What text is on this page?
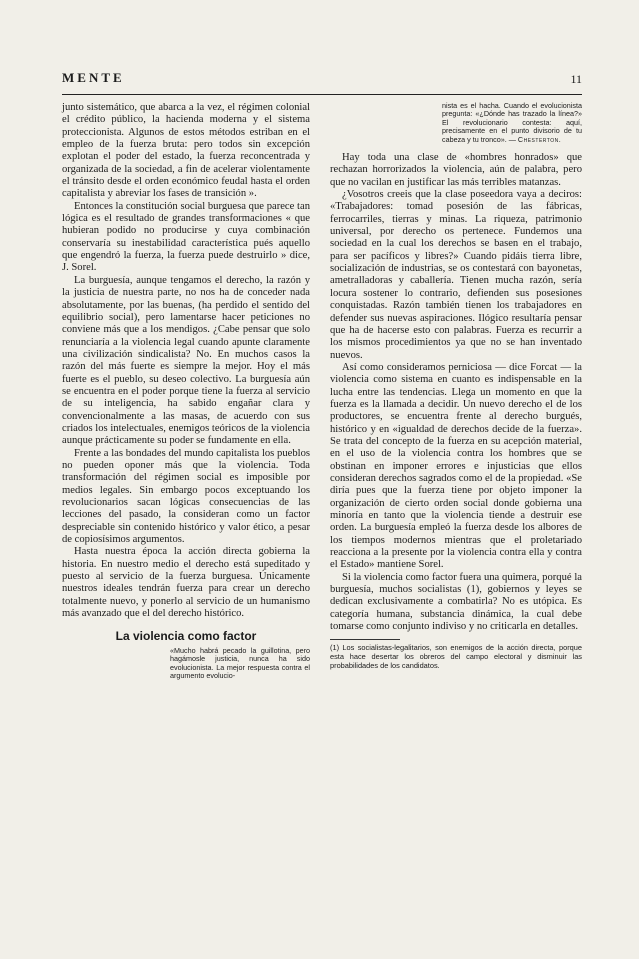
MENTE	11

junto sistemático, que abarca a la vez, el régimen colonial el crédito público, la hacienda moderna y el sistema proteccionista. Algunos de estos métodos estriban en el empleo de la fuerza bruta: pero todos sin excepción explotan el poder del estado, la fuerza reconcentrada y organizada de la sociedad, a fin de acelerar violentamente el tránsito desde el orden económico feudal hasta el orden capitalista y abreviar los fases de transición ».

Entonces la constitución social burguesa que parece tan lógica es el resultado de grandes transformaciones « que hubieran podido no producirse y cuya combinación conservaría su inestabilidad característica pués aquello que engendró la fuerza, la fuerza puede destruirlo » dice, J. Sorel.

La burguesía, aunque tengamos el derecho, la razón y la justicia de nuestra parte, no nos ha de conceder nada absolutamente, por las buenas, (ha perdido el sentido del equilibrio social), pero lamentarse hacer peticiones no conviene más que a los mendigos. ¿Cabe pensar que solo renunciaría a la violencia legal cuando apunte claramente una civilización sindicalista? No. En muchos casos la razón del más fuerte es siempre la mejor. Hoy el más fuerte es el pueblo, su deseo colectivo. La burguesía aún se encuentra en el poder porque tiene la fuerza al servicio de su inteligencia, ha sabido engañar clara y convencionalmente a las masas, de acuerdo con sus criados los intelectuales, enemigos teóricos de la violencia aunque prácticamente su poder se fundamente en ella.

Frente a las bondades del mundo capitalista los pueblos no pueden oponer más que la violencia. Toda transformación del régimen social es imposible por medios legales. Sin embargo pocos exceptuando los revolucionarios sacan lógicas consecuencias de las lecciones del pasado, la consideran como un factor despreciable sin contenido histórico y valor ético, a pesar de copiosísimos argumentos.

Hasta nuestra época la acción directa gobierna la historia. En nuestro medio el derecho está supeditado y puesto al servicio de la fuerza burguesa. Únicamente nuestros ideales tendrán fuerza para crear un derecho totalmente nuevo, y ponerlo al servicio de un humanismo más avanzado que el del derecho histórico.

La violencia como factor
«Mucho habrá pecado la guillotina, pero hagámosle justicia, nunca ha sido evolucionista. La mejor respuesta contra el argumento evolucio-
nista es el hacha. Cuando el evolucionista pregunta: «¿Dónde has trazado la línea?» El revolucionario contesta: aquí, precisamente en el punto divisorio de tu cabeza y tu tronco». — Chesterton.

Hay toda una clase de «hombres honrados» que rechazan horrorizados la violencia, aún de palabra, pero que no vacilan en justificar las más terribles matanzas.

¿Vosotros creeis que la clase poseedora vaya a deciros: «Trabajadores: tomad posesión de las fábricas, ferrocarriles, tierras y minas. La riqueza, patrimonio universal, por derecho os pertenece. Fundemos una sociedad en la cual los derechos se basen en el trabajo, para ser pacíficos y libres?» Cuando pidáis tierra libre, socialización de industrias, se os contestará con bayonetas, ametralladoras y caballería. Tienen mucha razón, sería locura sostener lo contrario, defienden sus posesiones conquistadas. Razón también tienen los trabajadores en defender sus nuevas aspiraciones. Ilógico resultaría pensar que ha de hacerse esto con palabras. Fuerza es recurrir a los mismos procedimientos ya que no se han inventado nuevos.

Así como consideramos perniciosa — dice Forcat — la violencia como sistema en cuanto es indispensable en la lucha entre las tendencias. Llega un momento en que la fuerza es la llamada a decidir. Un nuevo derecho el de los productores, se encuentra frente al derecho burgués, histórico y en «igualdad de derechos decide de la fuerza». Se trata del concepto de la fuerza en su acepción material, en el uso de la violencia contra los hombres que se obstinan en imponer errores e injusticias que ellos consideran derechos sagrados como el de la propiedad. «Se diría pues que la fuerza tiene por objeto imponer la organización de cierto orden social donde gobierna una minoría en tanto que la violencia tiende a destruir ese orden. La burguesía empleó la fuerza desde los albores de los tiempos modernos mientras que el proletariado reacciona a la presente por la violencia contra ella y contra el Estado» mantiene Sorel.

Si la violencia como factor fuera una quimera, porqué la burguesía, muchos socialistas (1), gobiernos y leyes se dedican exclusivamente a combatirla? No es utópica. Es categoría humana, substancia dinámica, la cual debe tomarse como conjunto indiviso y no criticarla en detalles.

(1) Los socialistas-legalitarios, son enemigos de la acción directa, porque esta hace desertar los obreros del campo electoral y disminuir las probabilidades de los candidatos.
